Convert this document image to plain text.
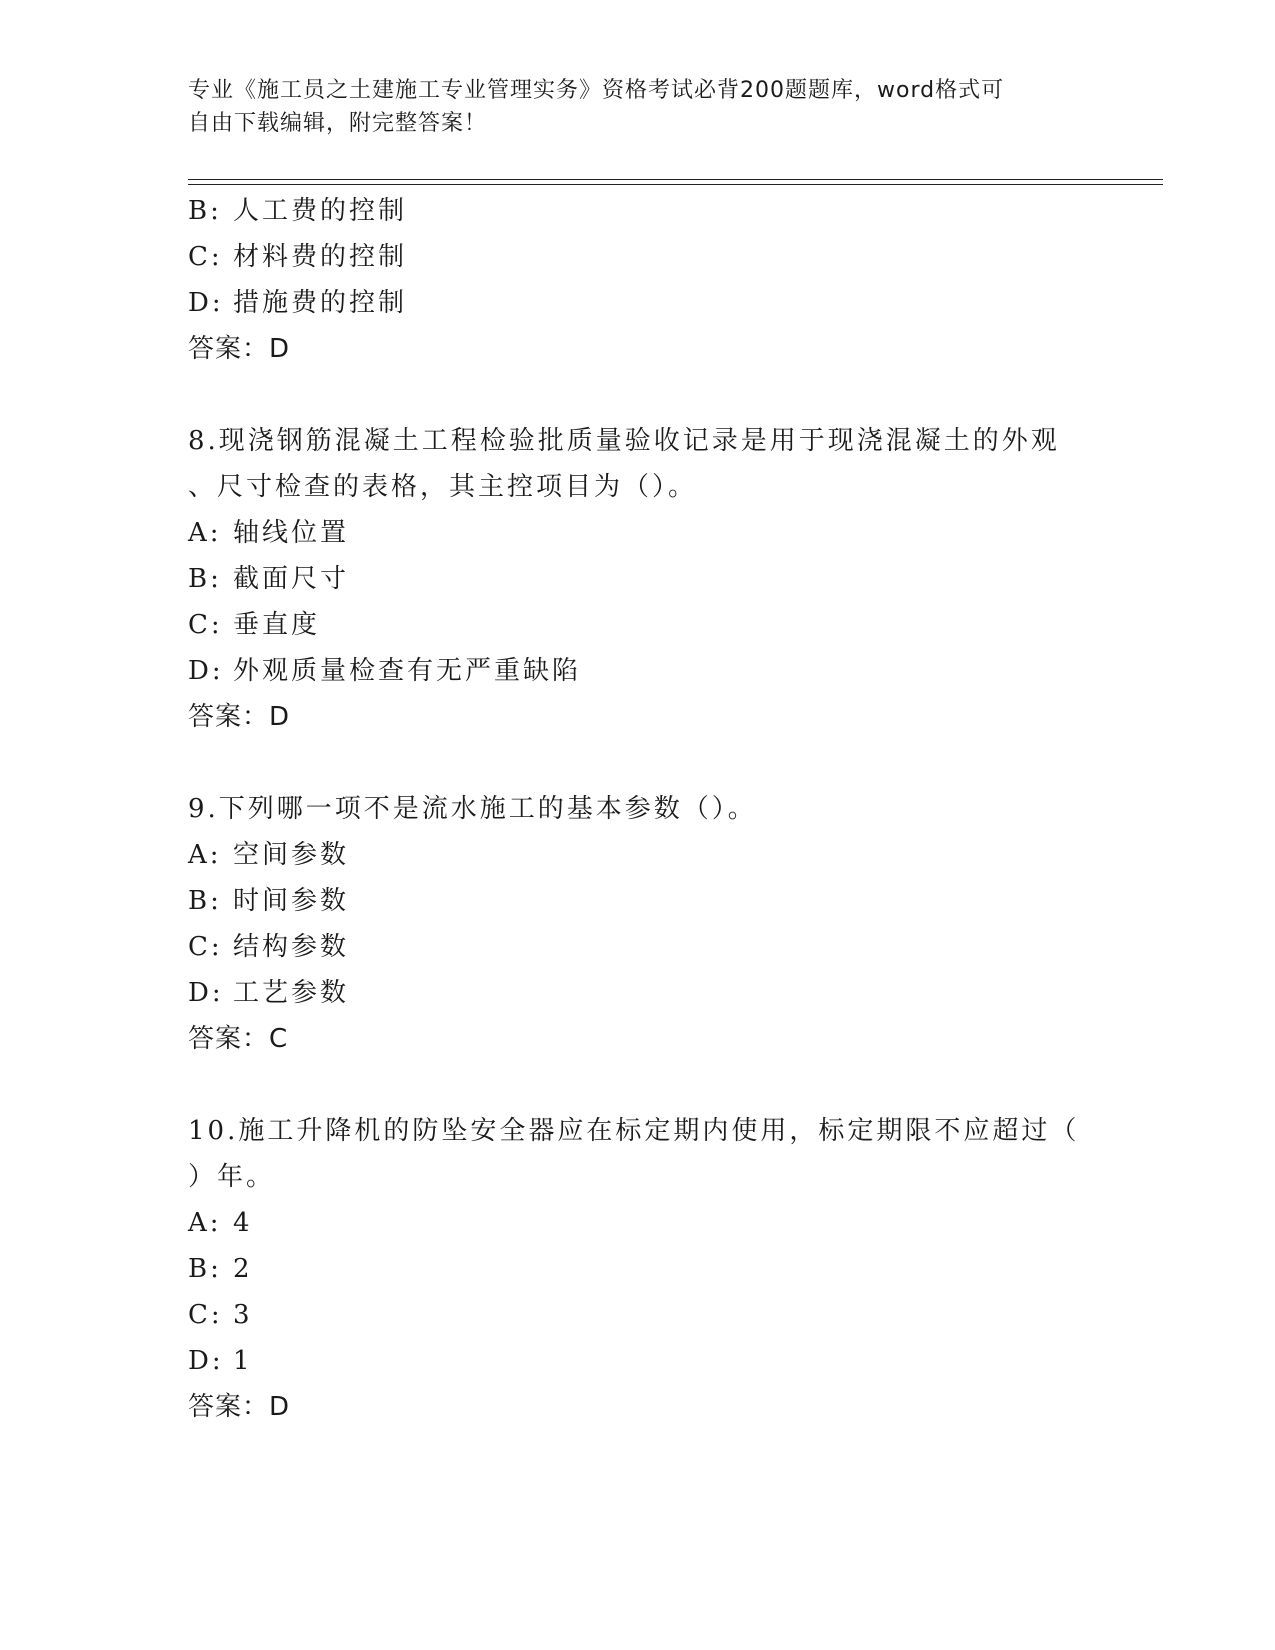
专业《施工员之土建施工专业管理实务》资格考试必背200题题库，word格式可
自由下载编辑，附完整答案！
B: 人工费的控制
C: 材料费的控制
D: 措施费的控制
答案：D
8.现浇钢筋混凝土工程检验批质量验收记录是用于现浇混凝土的外观
、尺寸检查的表格，其主控项目为（）。
A: 轴线位置
B: 截面尺寸
C: 垂直度
D: 外观质量检查有无严重缺陷
答案：D
9.下列哪一项不是流水施工的基本参数（）。
A: 空间参数
B: 时间参数
C: 结构参数
D: 工艺参数
答案：C
10.施工升降机的防坠安全器应在标定期内使用，标定期限不应超过（
）年。
A: 4
B: 2
C: 3
D: 1
答案：D
